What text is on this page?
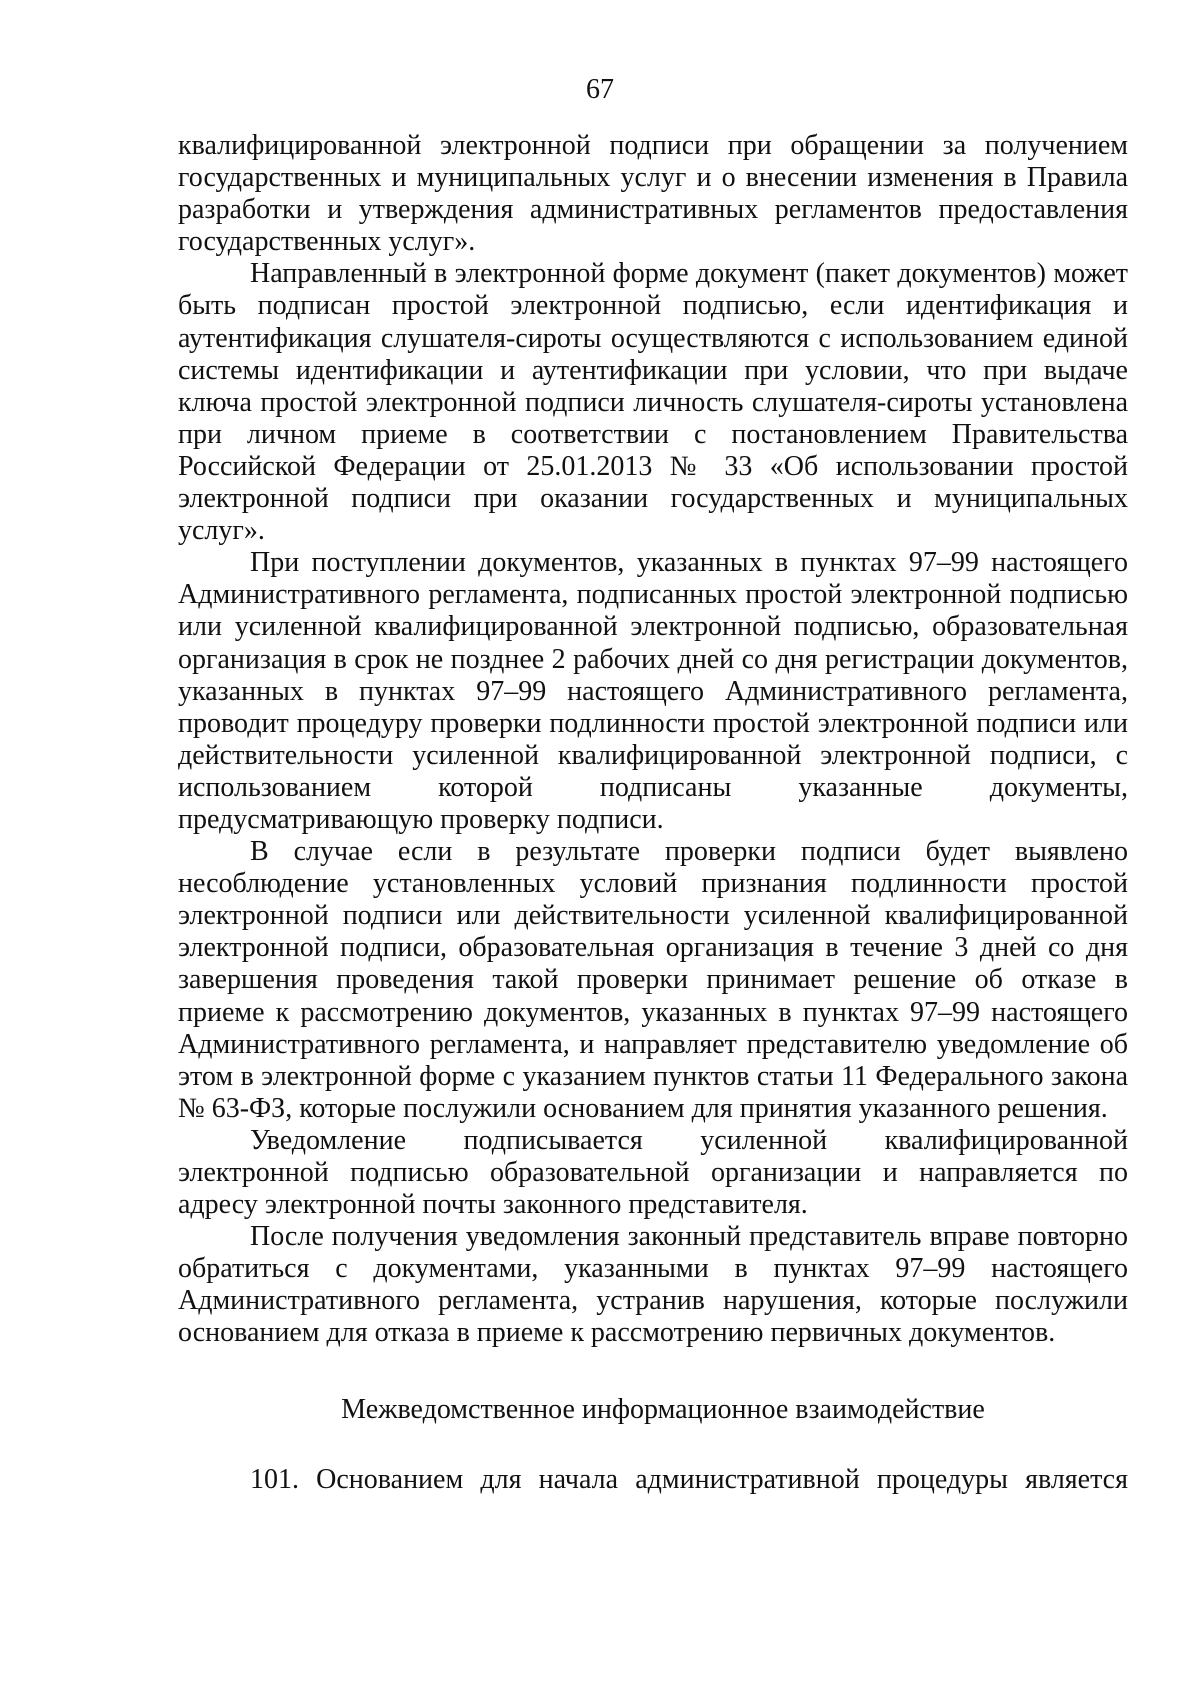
67

квалифицированной электронной подписи при обращении за получением государственных и муниципальных услуг и о внесении изменения в Правила разработки и утверждения административных регламентов предоставления государственных услуг».

Направленный в электронной форме документ (пакет документов) может быть подписан простой электронной подписью, если идентификация и аутентификация слушателя-сироты осуществляются с использованием единой системы идентификации и аутентификации при условии, что при выдаче ключа простой электронной подписи личность слушателя-сироты установлена при личном приеме в соответствии с постановлением Правительства Российской Федерации от 25.01.2013 № 33 «Об использовании простой электронной подписи при оказании государственных и муниципальных услуг».

При поступлении документов, указанных в пунктах 97–99 настоящего Административного регламента, подписанных простой электронной подписью или усиленной квалифицированной электронной подписью, образовательная организация в срок не позднее 2 рабочих дней со дня регистрации документов, указанных в пунктах 97–99 настоящего Административного регламента, проводит процедуру проверки подлинности простой электронной подписи или действительности усиленной квалифицированной электронной подписи, с использованием которой подписаны указанные документы, предусматривающую проверку подписи.

В случае если в результате проверки подписи будет выявлено несоблюдение установленных условий признания подлинности простой электронной подписи или действительности усиленной квалифицированной электронной подписи, образовательная организация в течение 3 дней со дня завершения проведения такой проверки принимает решение об отказе в приеме к рассмотрению документов, указанных в пунктах 97–99 настоящего Административного регламента, и направляет представителю уведомление об этом в электронной форме с указанием пунктов статьи 11 Федерального закона № 63-ФЗ, которые послужили основанием для принятия указанного решения.

Уведомление подписывается усиленной квалифицированной электронной подписью образовательной организации и направляется по адресу электронной почты законного представителя.

После получения уведомления законный представитель вправе повторно обратиться с документами, указанными в пунктах 97–99 настоящего Административного регламента, устранив нарушения, которые послужили основанием для отказа в приеме к рассмотрению первичных документов.

Межведомственное информационное взаимодействие

101. Основанием для начала административной процедуры является
